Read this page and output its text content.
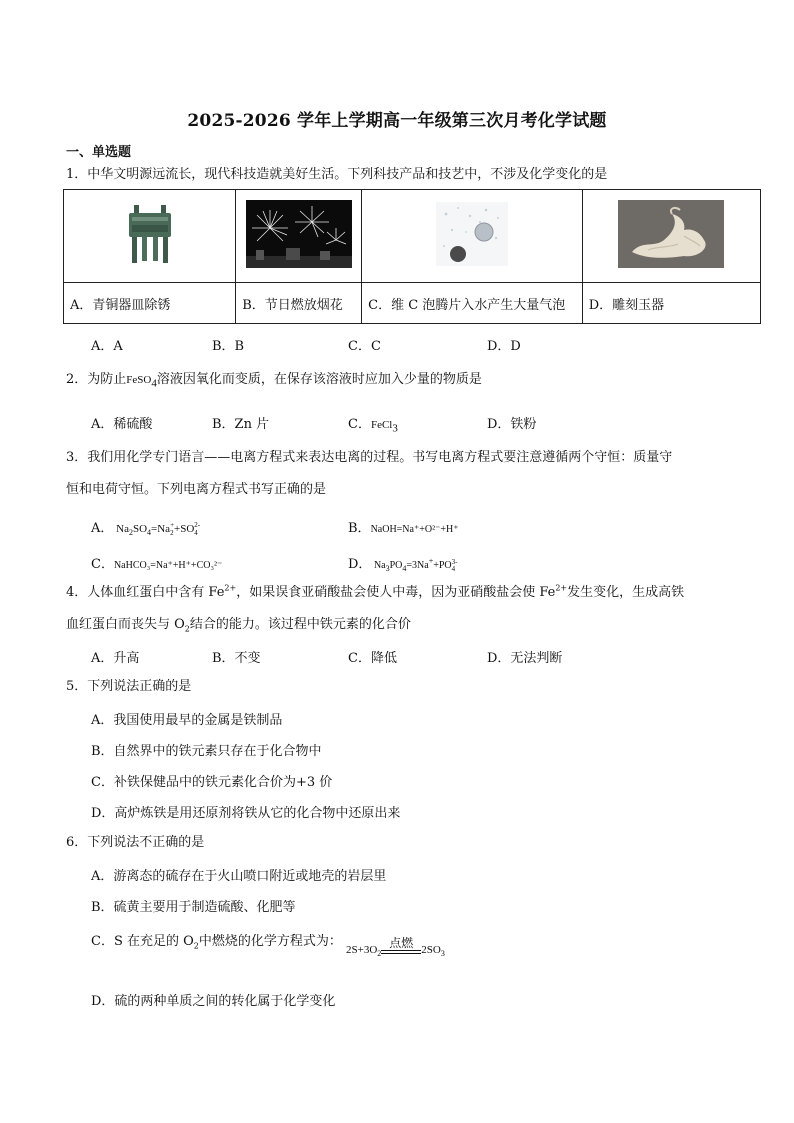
2025-2026 学年上学期高一年级第三次月考化学试题
一、单选题
1．中华文明源远流长，现代科技造就美好生活。下列科技产品和技艺中，不涉及化学变化的是

A．青铜器皿除锈	B．节日燃放烟花	C．维 C 泡腾片入水产生大量气泡	D．雕刻玉器
A．A	B．B	C．C	D．D
2．为防止FeSO$_4$溶液因氧化而变质，在保存该溶液时应加入少量的物质是
A．稀硫酸	B．Zn 片	C．FeCl$_3$	D．铁粉
3．我们用化学专门语言——电离方程式来表达电离的过程。书写电离方程式要注意遵循两个守恒：质量守
恒和电荷守恒。下列电离方程式书写正确的是
A． $Na_2SO_4=Na$ +
2 +SO 2-
4	B．NaOH=Na⁺+O²⁻+H⁺
C．NaHCO₃=Na⁺+H⁺+CO₃²⁻	D． $Na_3PO_4=3Na^++PO$ 3-
4
4．人体血红蛋白中含有 $Fe^{2+}$，如果误食亚硝酸盐会使人中毒，因为亚硝酸盐会使 $Fe^{2+}$发生变化，生成高铁
血红蛋白而丧失与 $O_2$结合的能力。该过程中铁元素的化合价
A．升高	B．不变	C．降低	D．无法判断
5．下列说法正确的是
A．我国使用最早的金属是铁制品
B．自然界中的铁元素只存在于化合物中
C．补铁保健品中的铁元素化合价为+3 价
D．高炉炼铁是用还原剂将铁从它的化合物中还原出来
6．下列说法不正确的是
A．游离态的硫存在于火山喷口附近或地壳的岩层里
B．硫黄主要用于制造硫酸、化肥等
C．S 在充足的 $O_2$中燃烧的化学方程式为： $_{2S+3O_2}$
点燃 $_{2SO_3}$
D．硫的两种单质之间的转化属于化学变化
